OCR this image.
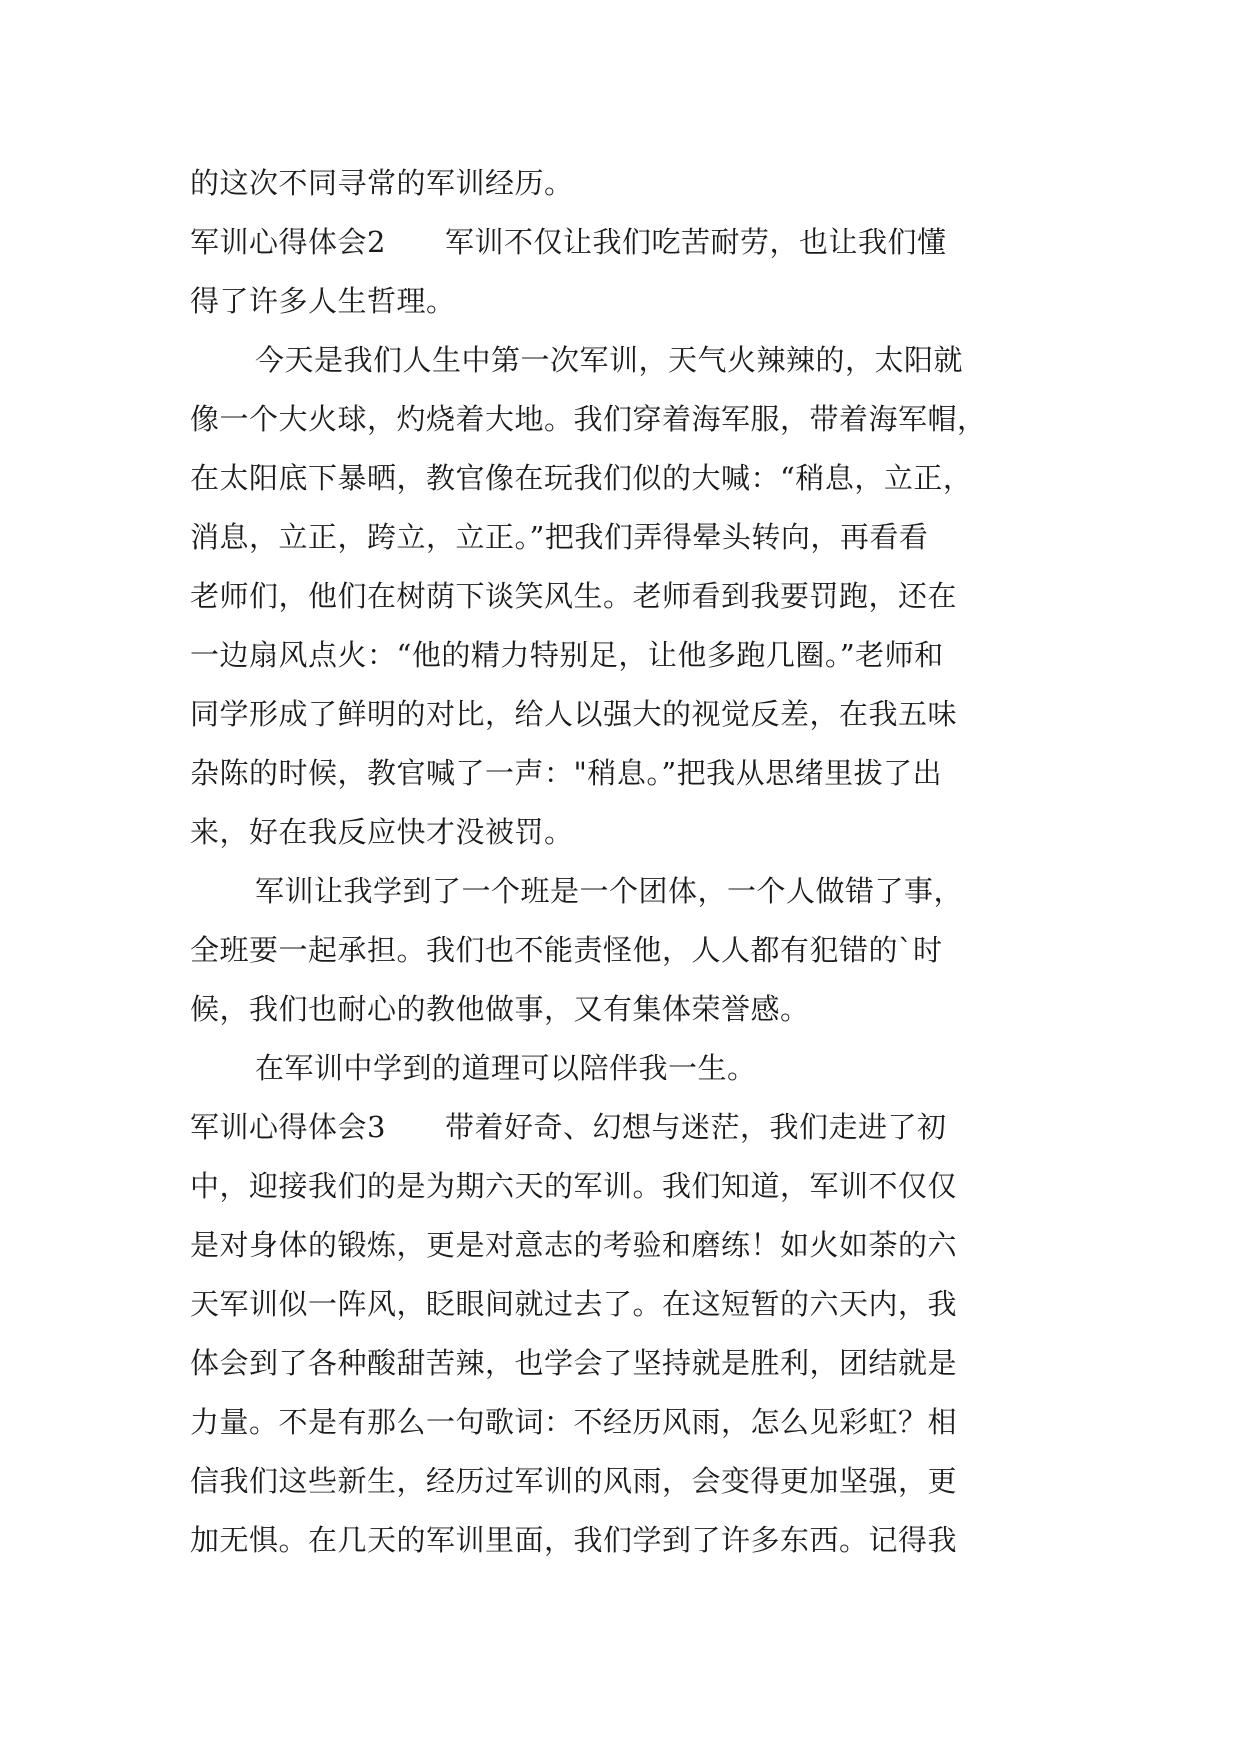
的这次不同寻常的军训经历。
军训心得体会2　　军训不仅让我们吃苦耐劳，也让我们懂
得了许多人生哲理。
今天是我们人生中第一次军训，天气火辣辣的，太阳就
像一个大火球，灼烧着大地。我们穿着海军服，带着海军帽，
在太阳底下暴晒，教官像在玩我们似的大喊：“稍息，立正，
消息，立正，跨立，立正。”把我们弄得晕头转向，再看看
老师们，他们在树荫下谈笑风生。老师看到我要罚跑，还在
一边扇风点火：“他的精力特别足，让他多跑几圈。”老师和
同学形成了鲜明的对比，给人以强大的视觉反差，在我五味
杂陈的时候，教官喊了一声："稍息。”把我从思绪里拔了出
来，好在我反应快才没被罚。
军训让我学到了一个班是一个团体，一个人做错了事，
全班要一起承担。我们也不能责怪他，人人都有犯错的`时
候，我们也耐心的教他做事，又有集体荣誉感。
在军训中学到的道理可以陪伴我一生。
军训心得体会3　　带着好奇、幻想与迷茫，我们走进了初
中，迎接我们的是为期六天的军训。我们知道，军训不仅仅
是对身体的锻炼，更是对意志的考验和磨练！如火如荼的六
天军训似一阵风，眨眼间就过去了。在这短暂的六天内，我
体会到了各种酸甜苦辣，也学会了坚持就是胜利，团结就是
力量。不是有那么一句歌词：不经历风雨，怎么见彩虹？相
信我们这些新生，经历过军训的风雨，会变得更加坚强，更
加无惧。在几天的军训里面，我们学到了许多东西。记得我
